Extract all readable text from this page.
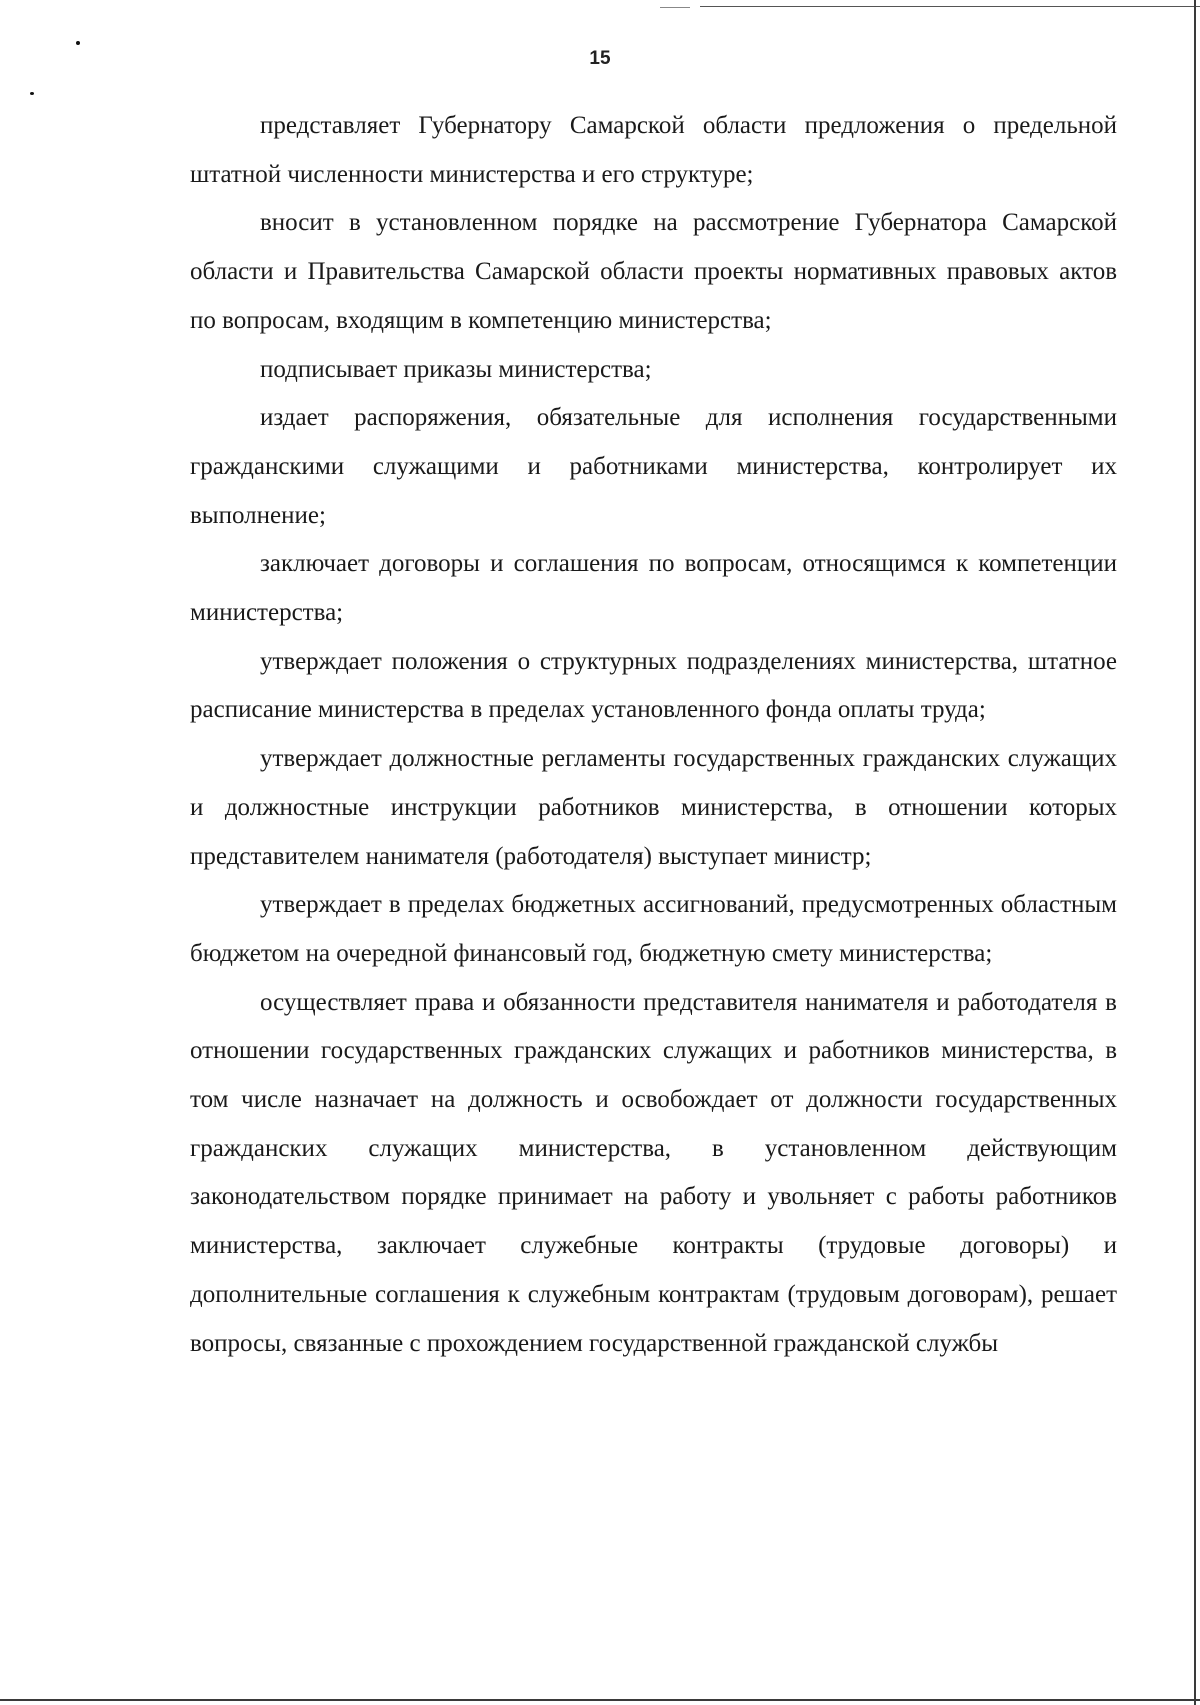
15

представляет Губернатору Самарской области предложения о предельной штатной численности министерства и его структуре;

вносит в установленном порядке на рассмотрение Губернатора Самарской области и Правительства Самарской области проекты нормативных правовых актов по вопросам, входящим в компетенцию министерства;

подписывает приказы министерства;

издает распоряжения, обязательные для исполнения государственными гражданскими служащими и работниками министерства, контролирует их выполнение;

заключает договоры и соглашения по вопросам, относящимся к компетенции министерства;

утверждает положения о структурных подразделениях министерства, штатное расписание министерства в пределах установленного фонда оплаты труда;

утверждает должностные регламенты государственных гражданских служащих и должностные инструкции работников министерства, в отношении которых представителем нанимателя (работодателя) выступает министр;

утверждает в пределах бюджетных ассигнований, предусмотренных областным бюджетом на очередной финансовый год, бюджетную смету министерства;

осуществляет права и обязанности представителя нанимателя и работодателя в отношении государственных гражданских служащих и работников министерства, в том числе назначает на должность и освобождает от должности государственных гражданских служащих министерства, в установленном действующим законодательством порядке принимает на работу и увольняет с работы работников министерства, заключает служебные контракты (трудовые договоры) и дополнительные соглашения к служебным контрактам (трудовым договорам), решает вопросы, связанные с прохождением государственной гражданской службы
